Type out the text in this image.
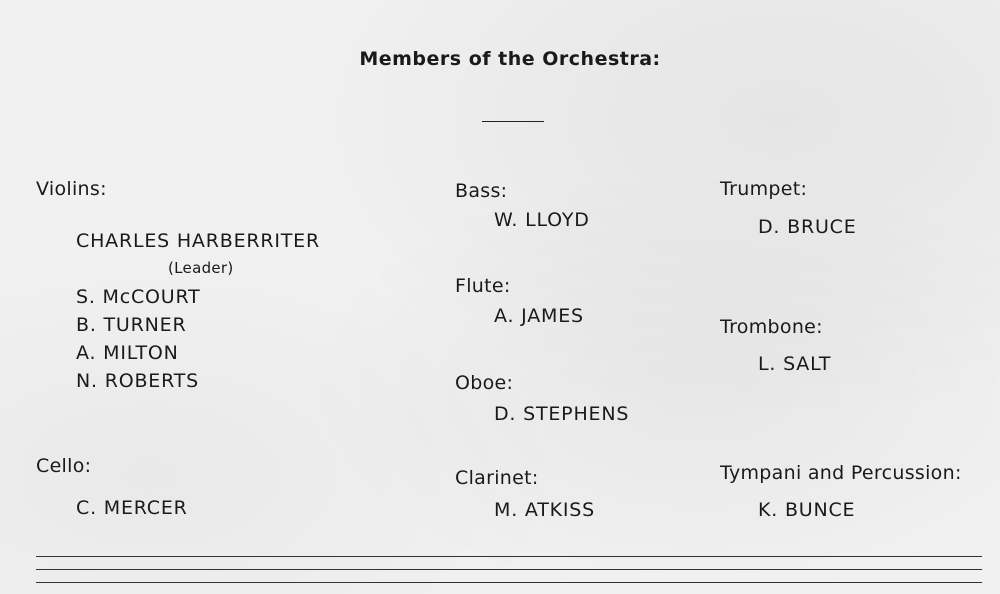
Members of the Orchestra:
Violins:
CHARLES HARBERRITER
(Leader)
S. McCOURT
B. TURNER
A. MILTON
N. ROBERTS
Cello:
C. MERCER
Bass:
W. LLOYD
Flute:
A. JAMES
Oboe:
D. STEPHENS
Clarinet:
M. ATKISS
Trumpet:
D. BRUCE
Trombone:
L. SALT
Tympani and Percussion:
K. BUNCE
